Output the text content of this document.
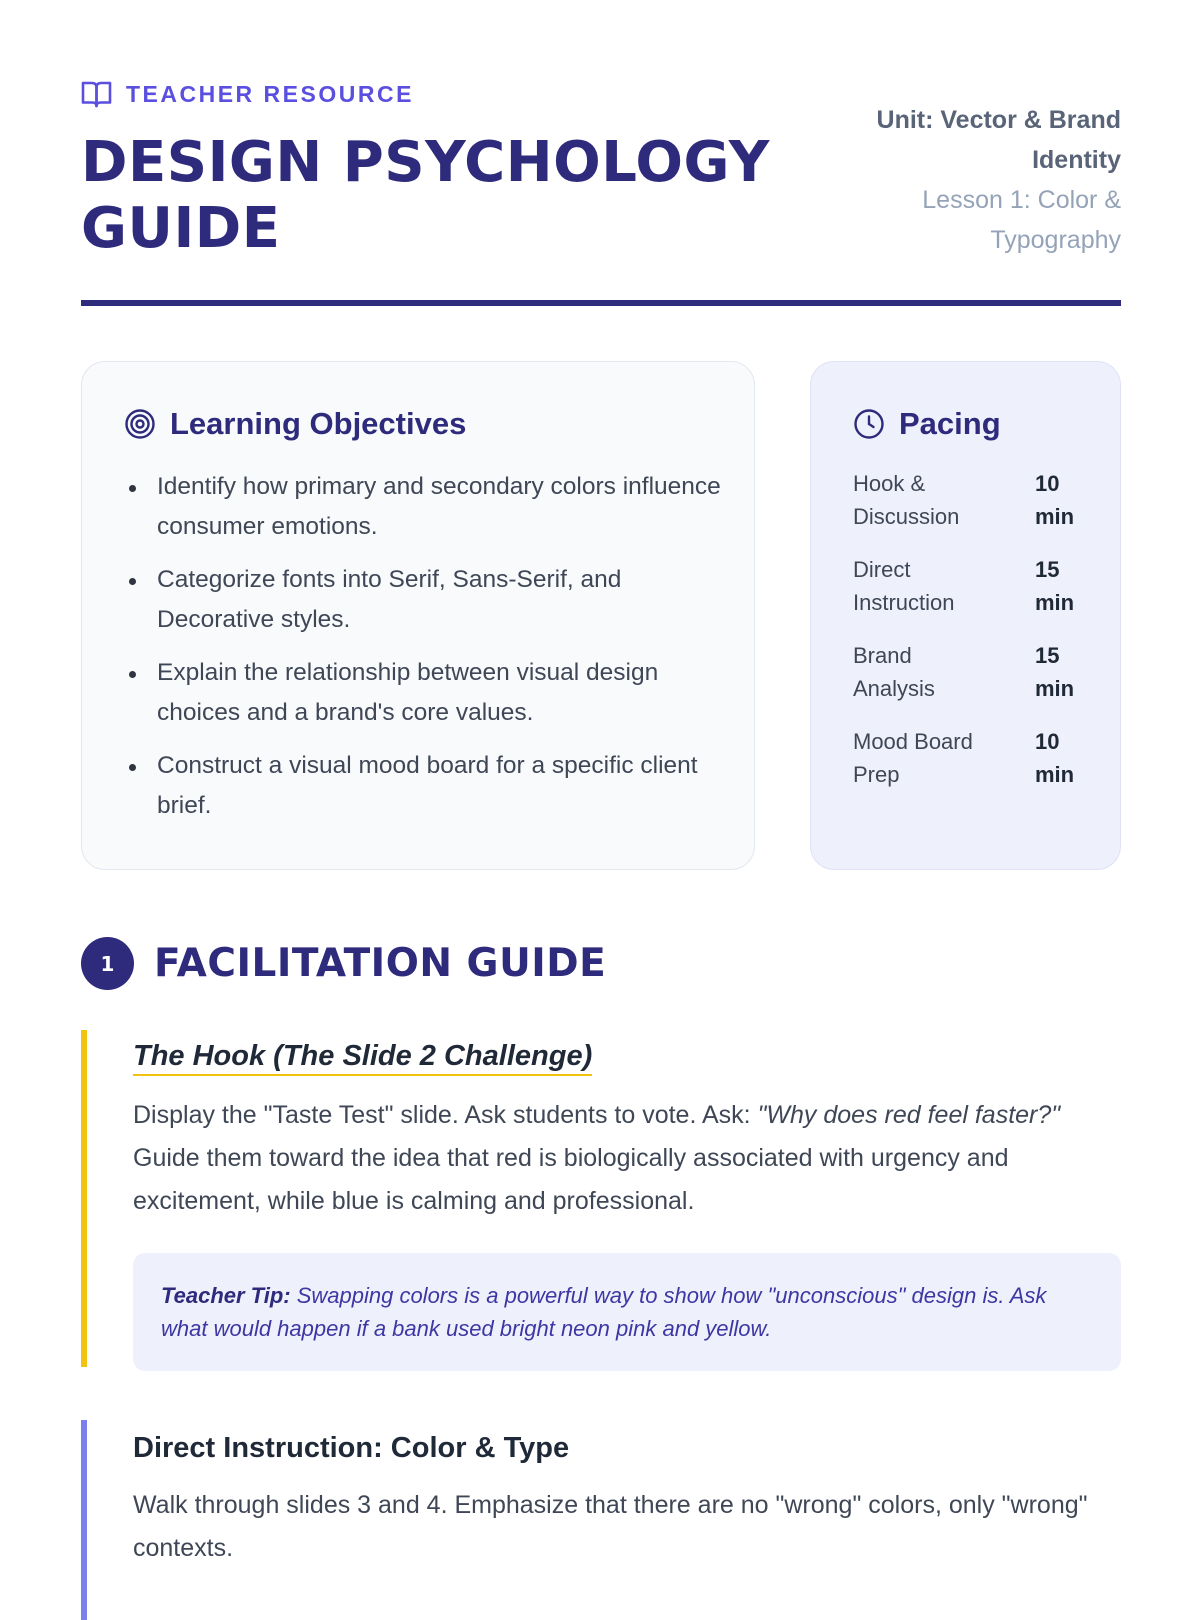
TEACHER RESOURCE
DESIGN PSYCHOLOGY
GUIDE
Unit: Vector & Brand
Identity
Lesson 1: Color &
Typography
Learning Objectives
Identify how primary and secondary colors influence consumer emotions.
Categorize fonts into Serif, Sans-Serif, and Decorative styles.
Explain the relationship between visual design choices and a brand's core values.
Construct a visual mood board for a specific client brief.
Pacing
Hook & Discussion
10 min
Direct Instruction
15 min
Brand Analysis
15 min
Mood Board Prep
10 min
1	FACILITATION GUIDE
The Hook (The Slide 2 Challenge)
Display the "Taste Test" slide. Ask students to vote. Ask: "Why does red feel faster?" Guide them toward the idea that red is biologically associated with urgency and excitement, while blue is calming and professional.
Teacher Tip: Swapping colors is a powerful way to show how "unconscious" design is. Ask what would happen if a bank used bright neon pink and yellow.
Direct Instruction: Color & Type
Walk through slides 3 and 4. Emphasize that there are no "wrong" colors, only "wrong" contexts.
